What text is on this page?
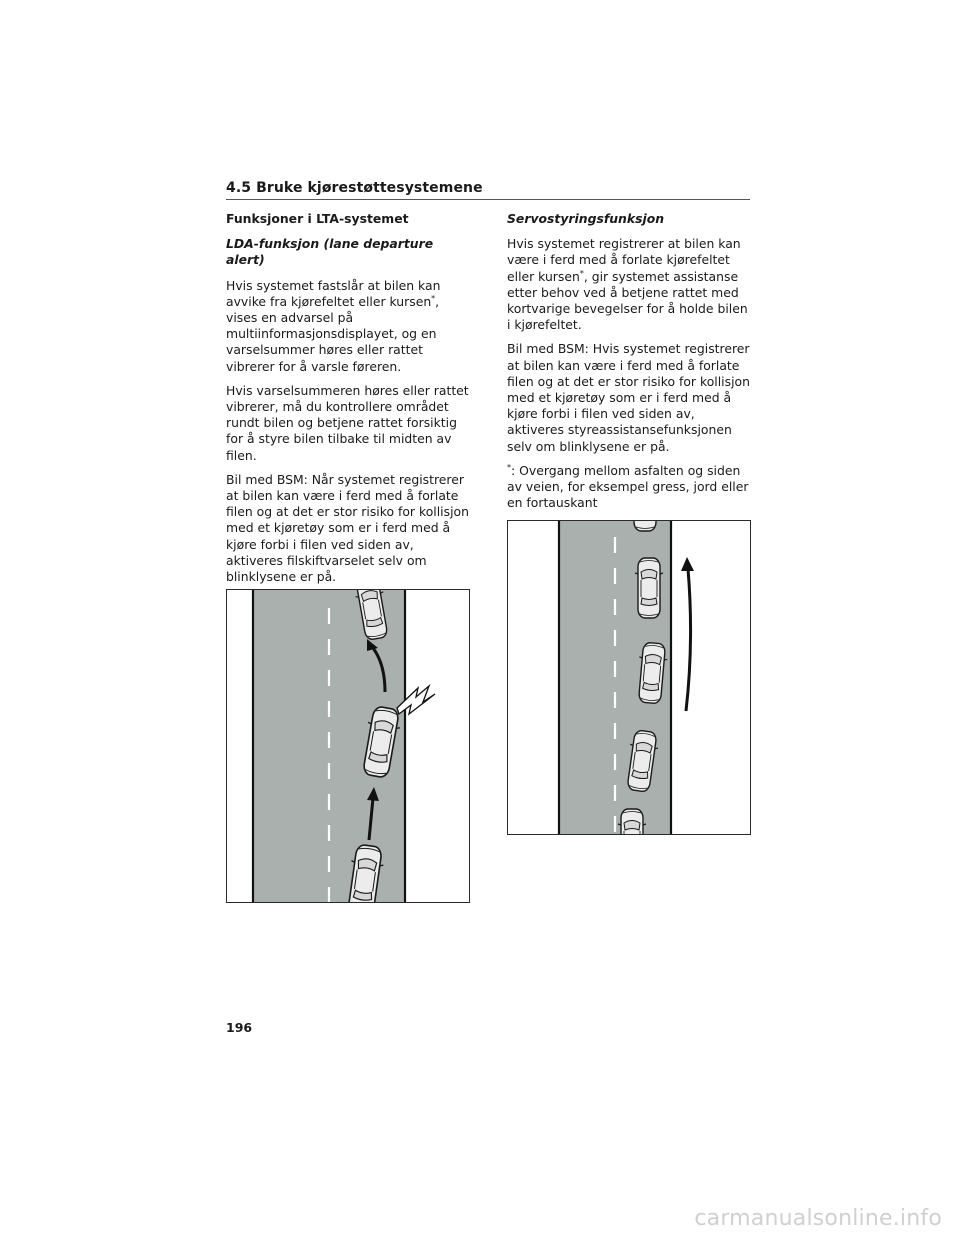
4.5 Bruke kjørestøttesystemene

Funksjoner i LTA-systemet

LDA-funksjon (lane departure alert)

Hvis systemet fastslår at bilen kan avvike fra kjørefeltet eller kursen*, vises en advarsel på multiinformasjonsdisplayet, og en varselsummer høres eller rattet vibrerer for å varsle føreren.

Hvis varselsummeren høres eller rattet vibrerer, må du kontrollere området rundt bilen og betjene rattet forsiktig for å styre bilen tilbake til midten av filen.

Bil med BSM: Når systemet registrerer at bilen kan være i ferd med å forlate filen og at det er stor risiko for kollisjon med et kjøretøy som er i ferd med å kjøre forbi i filen ved siden av, aktiveres filskiftvarselet selv om blinklysene er på.

Servostyringsfunksjon

Hvis systemet registrerer at bilen kan være i ferd med å forlate kjørefeltet eller kursen*, gir systemet assistanse etter behov ved å betjene rattet med kortvarige bevegelser for å holde bilen i kjørefeltet.

Bil med BSM: Hvis systemet registrerer at bilen kan være i ferd med å forlate filen og at det er stor risiko for kollisjon med et kjøretøy som er i ferd med å kjøre forbi i filen ved siden av, aktiveres styreassistansefunksjonen selv om blinklysene er på.

*: Overgang mellom asfalten og siden av veien, for eksempel gress, jord eller en fortauskant

196
carmanualsonline.info
